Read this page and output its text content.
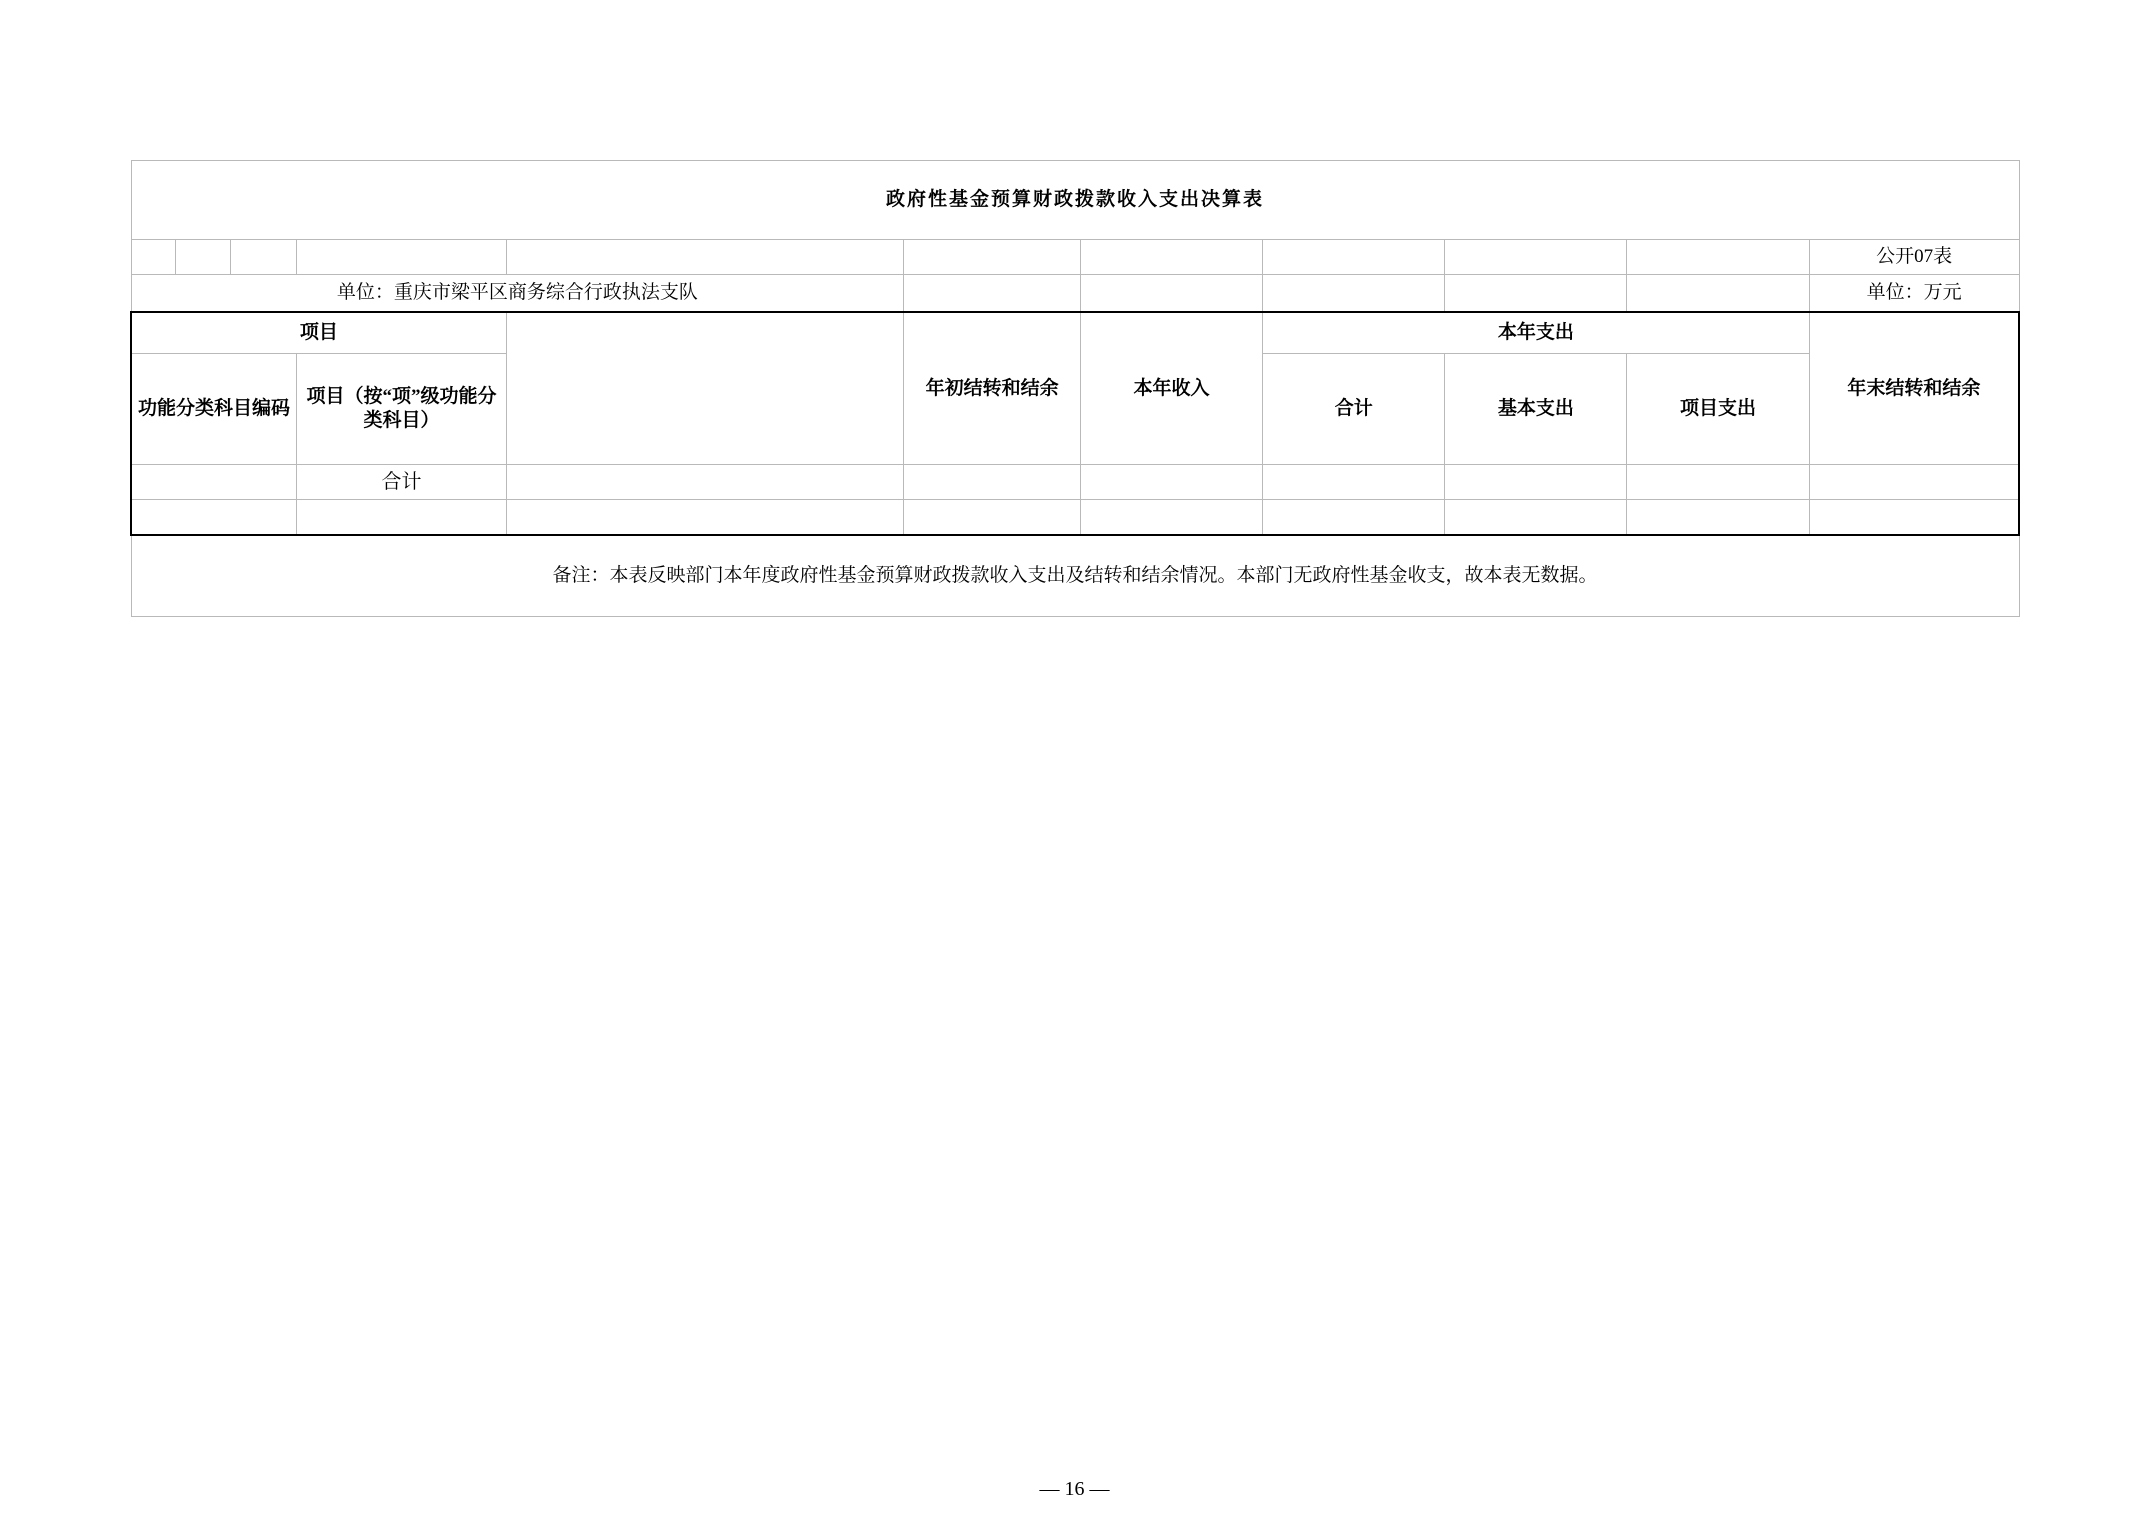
政府性基金预算财政拨款收入支出决算表										
										公开07表
单位：重庆市梁平区商务综合行政执法支队										单位：万元
项目					年初结转和结余	本年收入	本年支出			年末结转和结余
功能分类科目编码			项目（按“项”级功能分类科目）				合计	基本支出	项目支出	
			合计							

备注：本表反映部门本年度政府性基金预算财政拨款收入支出及结转和结余情况。本部门无政府性基金收支，故本表无数据。										
— 16 —
